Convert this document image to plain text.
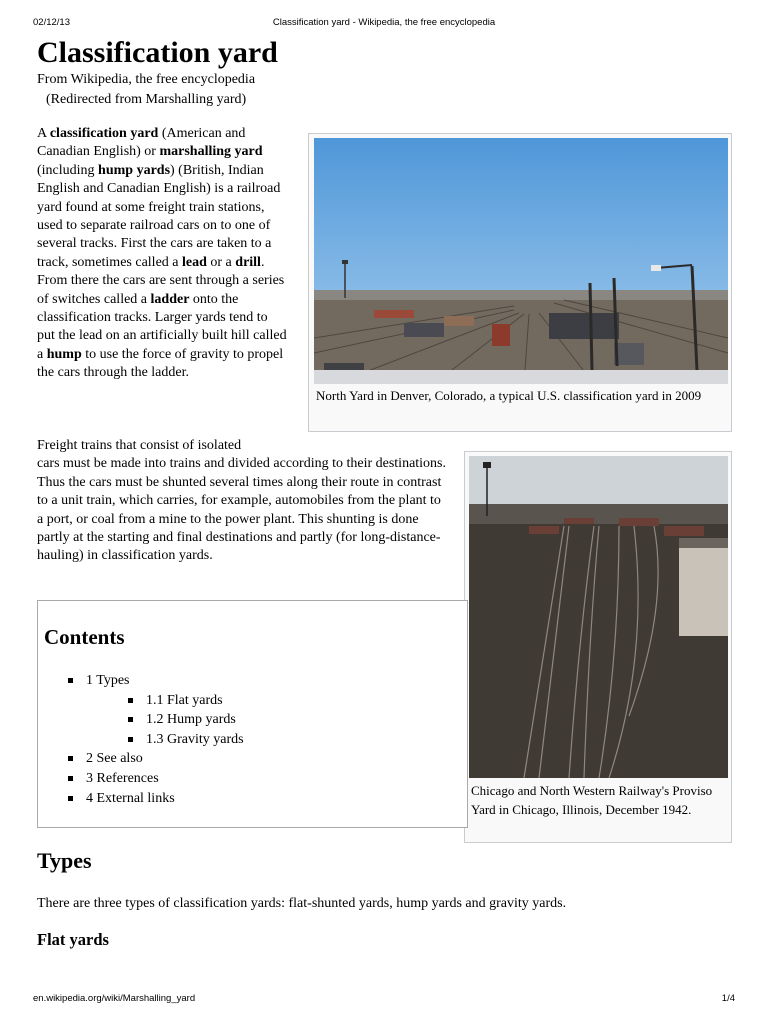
02/12/13	Classification yard - Wikipedia, the free encyclopedia
Classification yard
From Wikipedia, the free encyclopedia
(Redirected from Marshalling yard)

A classification yard (American and Canadian English) or marshalling yard (including hump yards) (British, Indian English and Canadian English) is a railroad yard found at some freight train stations, used to separate railroad cars on to one of several tracks. First the cars are taken to a track, sometimes called a lead or a drill. From there the cars are sent through a series of switches called a ladder onto the classification tracks. Larger yards tend to put the lead on an artificially built hill called a hump to use the force of gravity to propel the cars through the ladder.

North Yard in Denver, Colorado, a typical U.S. classification yard in 2009

Freight trains that consist of isolated
cars must be made into trains and divided according to their destinations. Thus the cars must be shunted several times along their route in contrast to a unit train, which carries, for example, automobiles from the plant to a port, or coal from a mine to the power plant. This shunting is done partly at the starting and final destinations and partly (for long-distance-hauling) in classification yards.

Chicago and North Western Railway's Proviso Yard in Chicago, Illinois, December 1942.
Contents
1 Types
1.1 Flat yards
1.2 Hump yards
1.3 Gravity yards
2 See also
3 References
4 External links
Types

There are three types of classification yards: flat-shunted yards, hump yards and gravity yards.

Flat yards
en.wikipedia.org/wiki/Marshalling_yard	1/4
